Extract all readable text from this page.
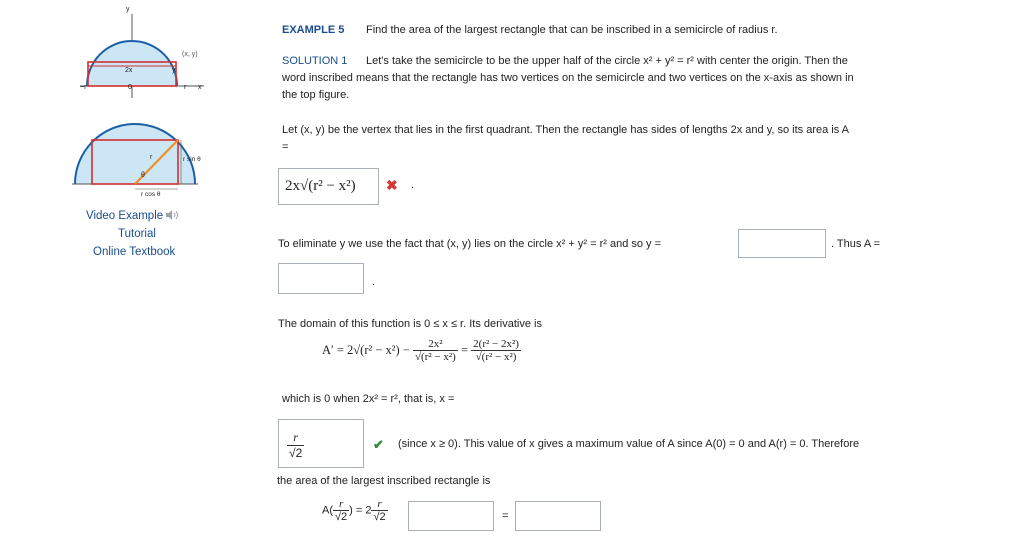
y
(x, y)
2x	y
−r	0	r x
r sin θ
r
θ
r cos θ
Video Example
Tutorial
Online Textbook
EXAMPLE 5 Find the area of the largest rectangle that can be inscribed in a semicircle of radius r.
SOLUTION 1 Let's take the semicircle to be the upper half of the circle x² + y² = r² with center the origin. Then the
word inscribed means that the rectangle has two vertices on the semicircle and two vertices on the x-axis as shown in
the top figure.
Let (x, y) be the vertex that lies in the first quadrant. Then the rectangle has sides of lengths 2x and y, so its area is A
=
2x√(r² − x²) ✖ .
To eliminate y we use the fact that (x, y) lies on the circle x² + y² = r² and so y =	. Thus A =
.
The domain of this function is 0 ≤ x ≤ r. Its derivative is
$A' = 2√(r^2 - x^2) - \frac{\text{2x²}}{\text{√(r² − x²)}} = \frac{\text{2(r² − 2x²)}}{\text{√(r² − x²)}}$
which is 0 when 2x² = r², that is, x =
$\frac{r}{√2}$	✔ (since x ≥ 0). This value of x gives a maximum value of A since A(0) = 0 and A(r) = 0. Therefore
the area of the largest inscribed rectangle is
$A( \frac{r}{√2}$ ) = $2 \frac{r}{√2}$	=
